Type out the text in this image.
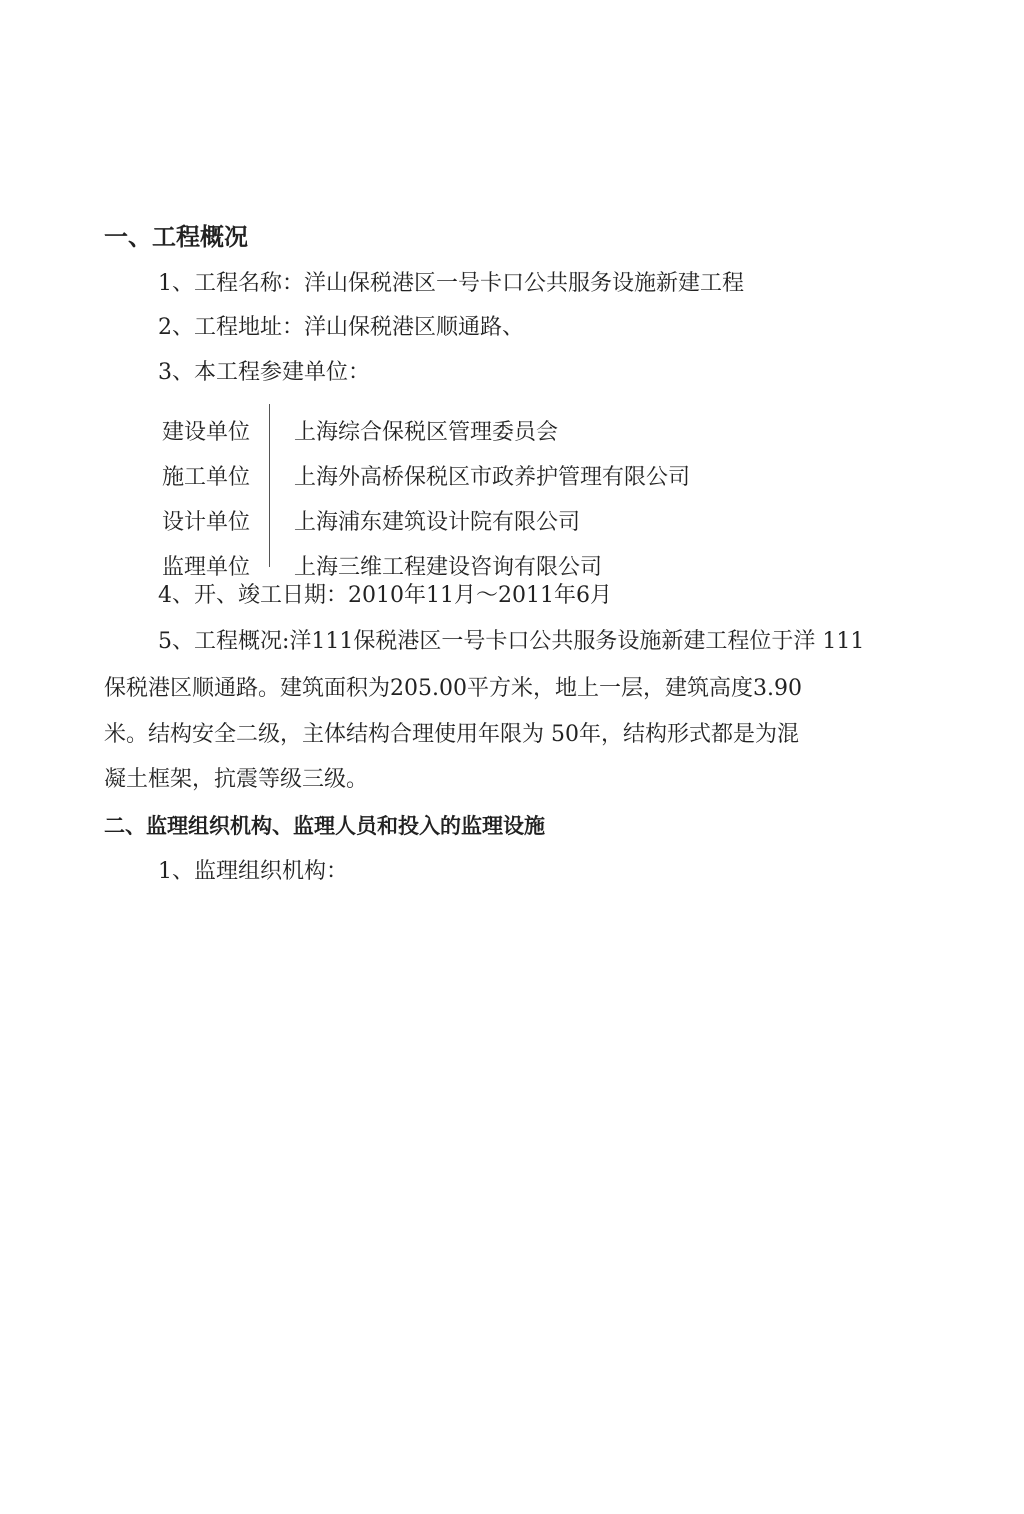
一、工程概况
1、工程名称：洋山保税港区一号卡口公共服务设施新建工程
2、工程地址：洋山保税港区顺通路、
3、本工程参建单位：
建设单位 上海综合保税区管理委员会
施工单位 上海外高桥保税区市政养护管理有限公司
设计单位 上海浦东建筑设计院有限公司
监理单位 上海三维工程建设咨询有限公司
4、开、竣工日期：2010年11月～2011年6月
5、工程概况:洋111保税港区一号卡口公共服务设施新建工程位于洋 111
保税港区顺通路。建筑面积为205.00平方米，地上一层，建筑高度3.90
米。结构安全二级，主体结构合理使用年限为 50年，结构形式都是为混
凝土框架，抗震等级三级。
二、监理组织机构、监理人员和投入的监理设施
1、监理组织机构：
